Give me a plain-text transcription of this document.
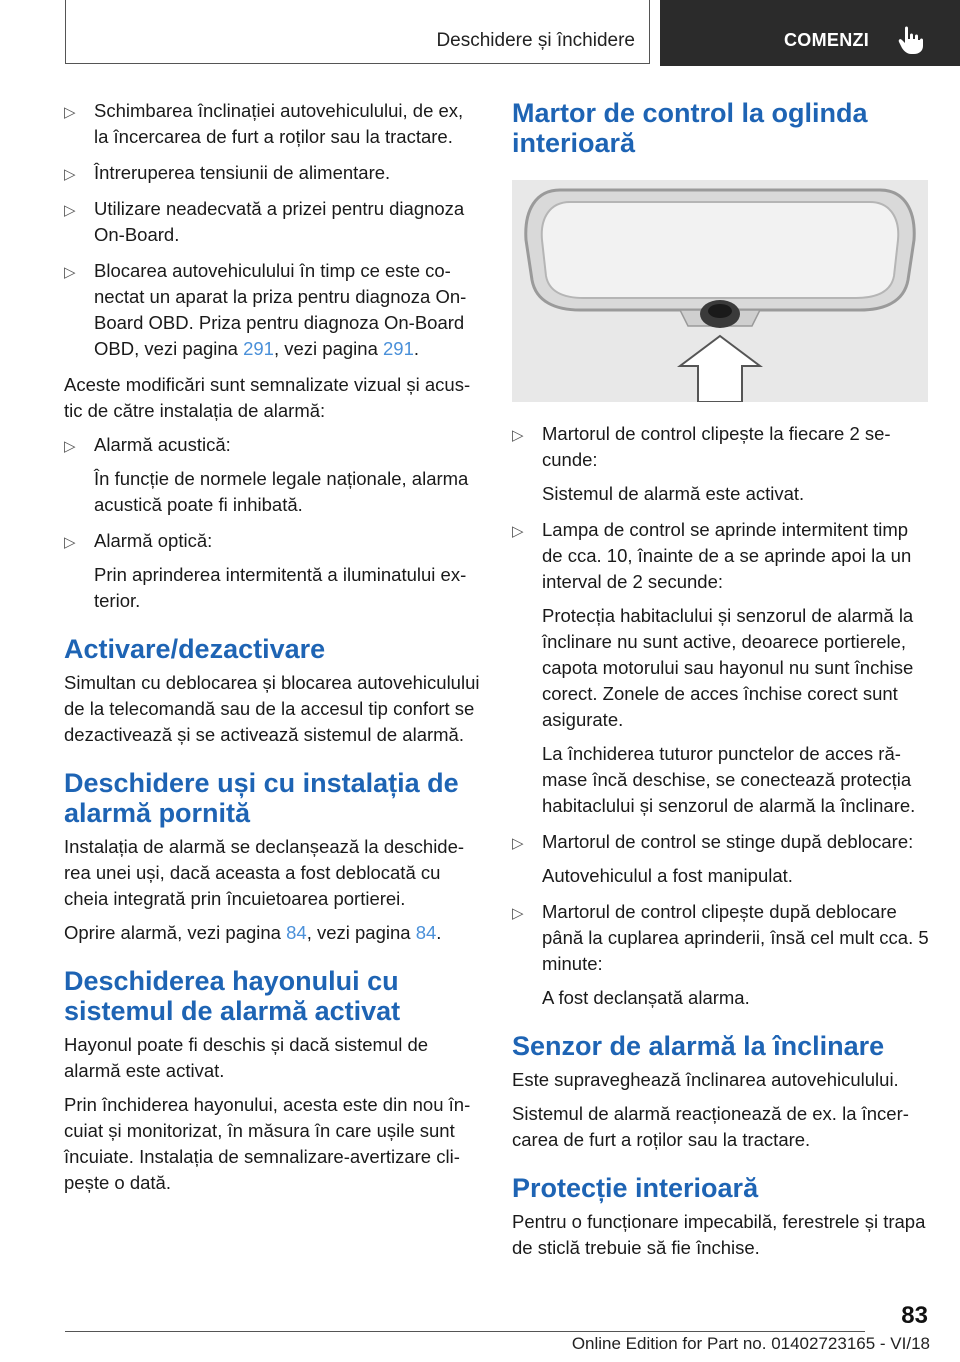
Deschidere și închidere	COMENZI
▷ Schimbarea înclinației autovehiculului, de ex, la încercarea de furt a roților sau la tractare.
▷ Întreruperea tensiunii de alimentare.
▷ Utilizare neadecvată a prizei pentru diagnoza On-Board.
▷ Blocarea autovehiculului în timp ce este conectat un aparat la priza pentru diagnoza On-Board OBD. Priza pentru diagnoza On-Board OBD, vezi pagina 291, vezi pagina 291.

Aceste modificări sunt semnalizate vizual și acustic de către instalația de alarmă:

▷ Alarmă acustică:
În funcție de normele legale naționale, alarma acustică poate fi inhibată.
▷ Alarmă optică:
Prin aprinderea intermitentă a iluminatului exterior.
Activare/dezactivare

Simultan cu deblocarea și blocarea autovehiculului de la telecomandă sau de la accesul tip confort se dezactivează și se activează sistemul de alarmă.

Deschidere uși cu instalația de alarmă pornită

Instalația de alarmă se declanșează la deschiderea unei uși, dacă aceasta a fost deblocată cu cheia integrată prin încuietoarea portierei.

Oprire alarmă, vezi pagina 84, vezi pagina 84.

Deschiderea hayonului cu sistemul de alarmă activat

Hayonul poate fi deschis și dacă sistemul de alarmă este activat.

Prin închiderea hayonului, acesta este din nou încuiat și monitorizat, în măsura în care ușile sunt încuiate. Instalația de semnalizare-avertizare clipește o dată.

Martor de control la oglinda interioară
▷ Martorul de control clipește la fiecare 2 secunde:
Sistemul de alarmă este activat.
▷ Lampa de control se aprinde intermitent timp de cca. 10, înainte de a se aprinde apoi la un interval de 2 secunde:
Protecția habitaclului și senzorul de alarmă la înclinare nu sunt active, deoarece portierele, capota motorului sau hayonul nu sunt închise corect. Zonele de acces închise corect sunt asigurate.
La închiderea tuturor punctelor de acces rămase încă deschise, se conectează protecția habitaclului și senzorul de alarmă la înclinare.
▷ Martorul de control se stinge după deblocare:
Autovehiculul a fost manipulat.
▷ Martorul de control clipește după deblocare până la cuplarea aprinderii, însă cel mult cca. 5 minute:
A fost declanșată alarma.
Senzor de alarmă la înclinare

Este supraveghează înclinarea autovehiculului.

Sistemul de alarmă reacționează de ex. la încercarea de furt a roților sau la tractare.

Protecție interioară

Pentru o funcționare impecabilă, ferestrele și trapa de sticlă trebuie să fie închise.

83
Online Edition for Part no. 01402723165 - VI/18
